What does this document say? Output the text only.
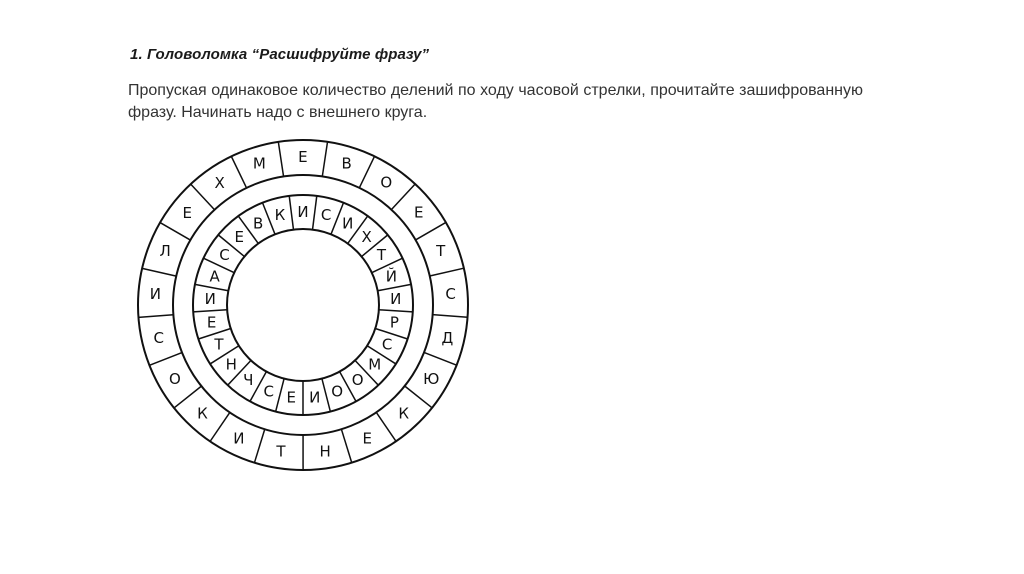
1. Головоломка “Расшифруйте фразу”
Пропуская одинаковое количество делений по ходу часовой стрелки, прочитайте зашифрованную фразу. Начинать надо с внешнего круга.
Е В
О
Е
Т
С
Д
Ю
К
Е
Н
Т
И
К
О
С
И
Л
Е
Х
М
И С И
Х
Т
Й
И
Р
С
М
О
О
И
Е
С
Ч
Н
Т
Е
И
А
С
Е
В К
